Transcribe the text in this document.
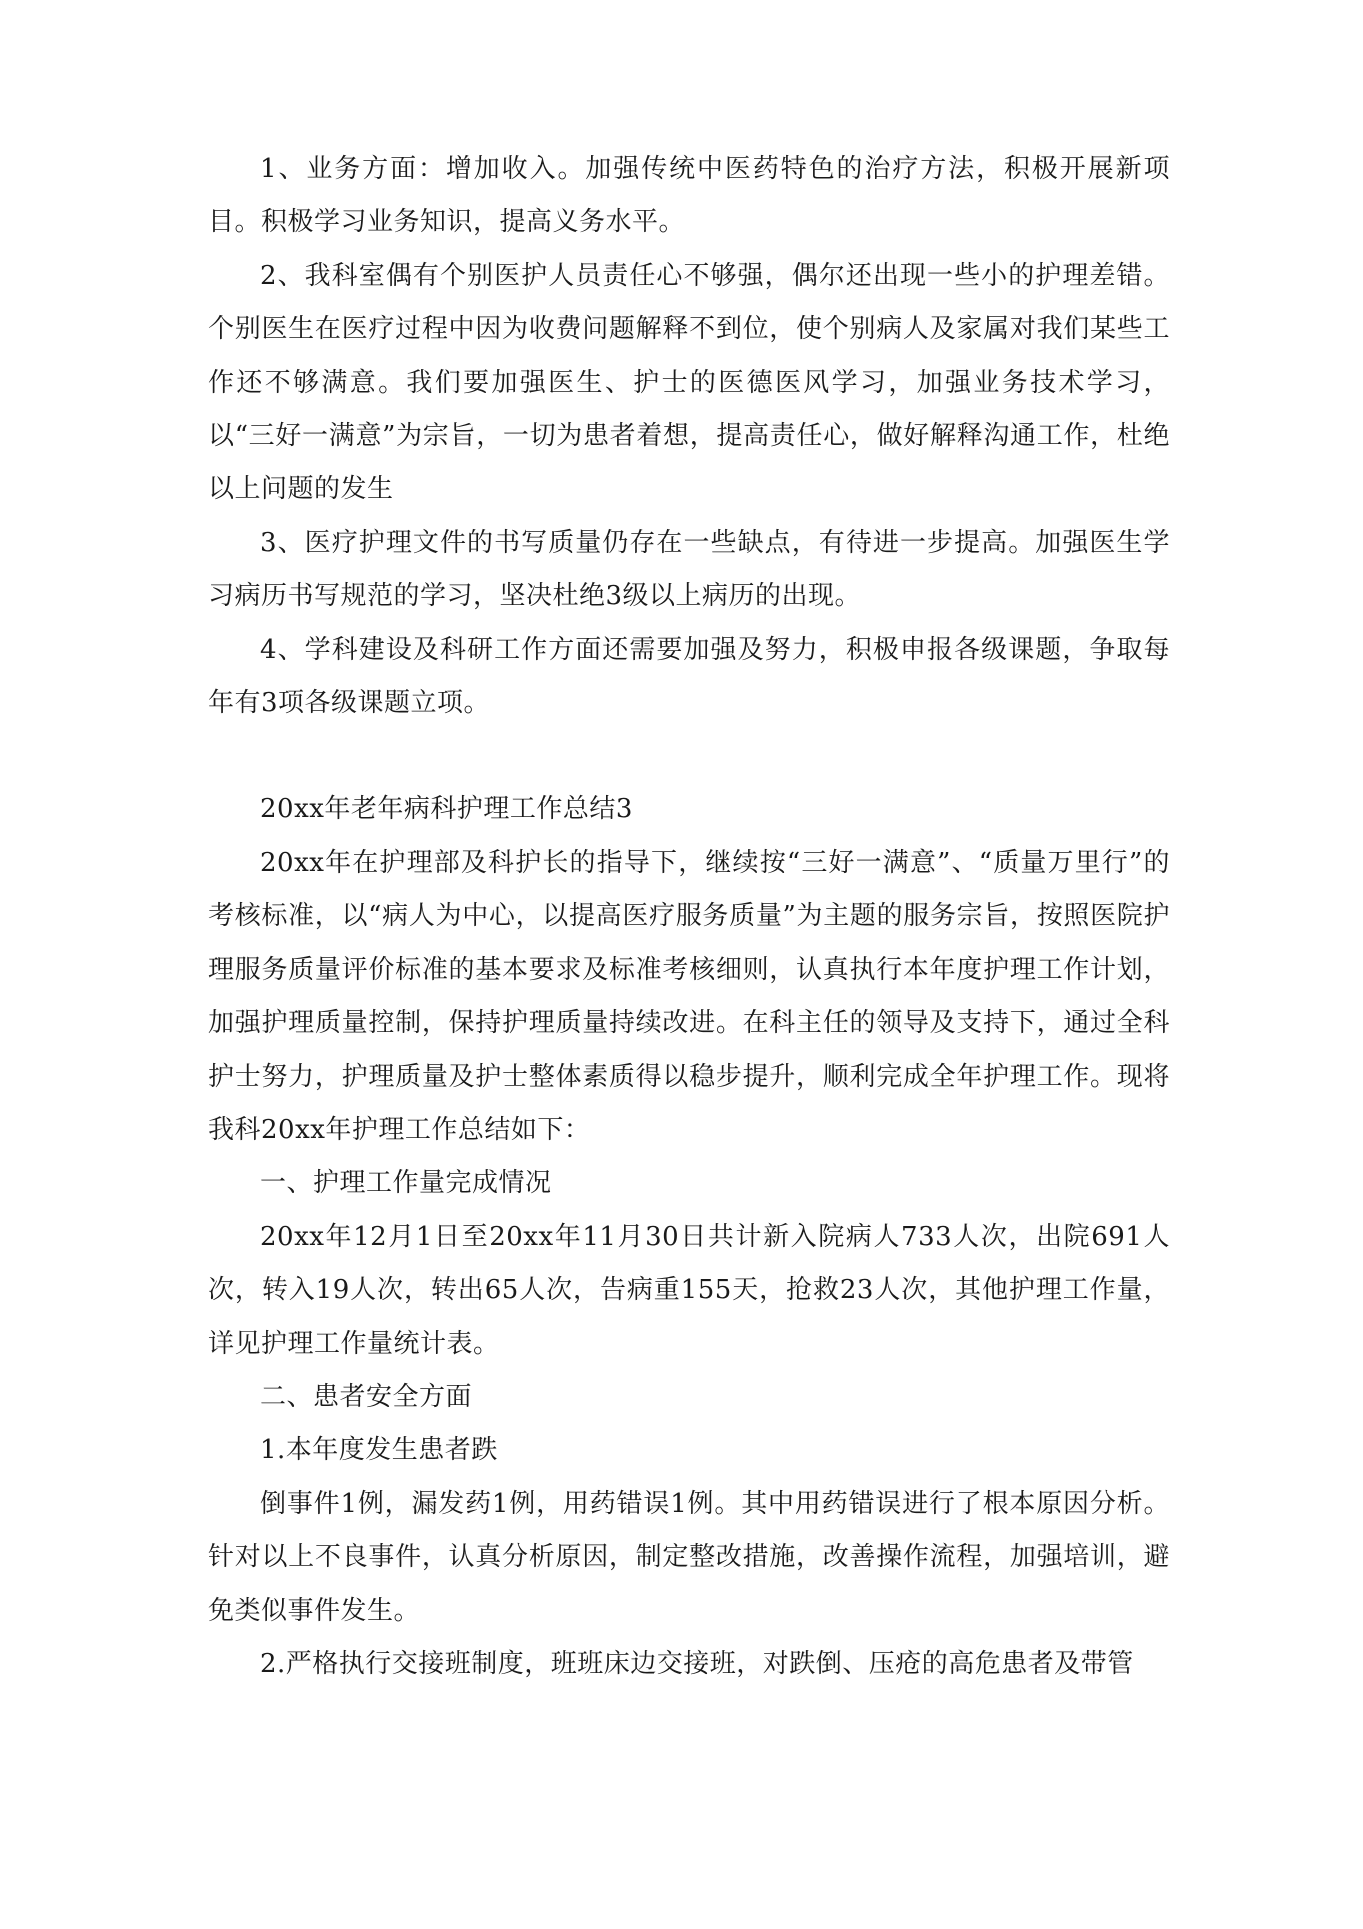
1、业务方面：增加收入。加强传统中医药特色的治疗方法，积极开展新项目。积极学习业务知识，提高义务水平。

2、我科室偶有个别医护人员责任心不够强，偶尔还出现一些小的护理差错。个别医生在医疗过程中因为收费问题解释不到位，使个别病人及家属对我们某些工作还不够满意。我们要加强医生、护士的医德医风学习，加强业务技术学习，以“三好一满意”为宗旨，一切为患者着想，提高责任心，做好解释沟通工作，杜绝以上问题的发生

3、医疗护理文件的书写质量仍存在一些缺点，有待进一步提高。加强医生学习病历书写规范的学习，坚决杜绝3级以上病历的出现。

4、学科建设及科研工作方面还需要加强及努力，积极申报各级课题，争取每年有3项各级课题立项。

20xx年老年病科护理工作总结3

20xx年在护理部及科护长的指导下，继续按“三好一满意”、“质量万里行”的考核标准，以“病人为中心，以提高医疗服务质量”为主题的服务宗旨，按照医院护理服务质量评价标准的基本要求及标准考核细则，认真执行本年度护理工作计划，加强护理质量控制，保持护理质量持续改进。在科主任的领导及支持下，通过全科护士努力，护理质量及护士整体素质得以稳步提升，顺利完成全年护理工作。现将我科20xx年护理工作总结如下：

一、护理工作量完成情况

20xx年12月1日至20xx年11月30日共计新入院病人733人次，出院691人次，转入19人次，转出65人次，告病重155天，抢救23人次，其他护理工作量，详见护理工作量统计表。

二、患者安全方面

1.本年度发生患者跌

倒事件1例，漏发药1例，用药错误1例。其中用药错误进行了根本原因分析。针对以上不良事件，认真分析原因，制定整改措施，改善操作流程，加强培训，避免类似事件发生。

2.严格执行交接班制度，班班床边交接班，对跌倒、压疮的高危患者及带管
